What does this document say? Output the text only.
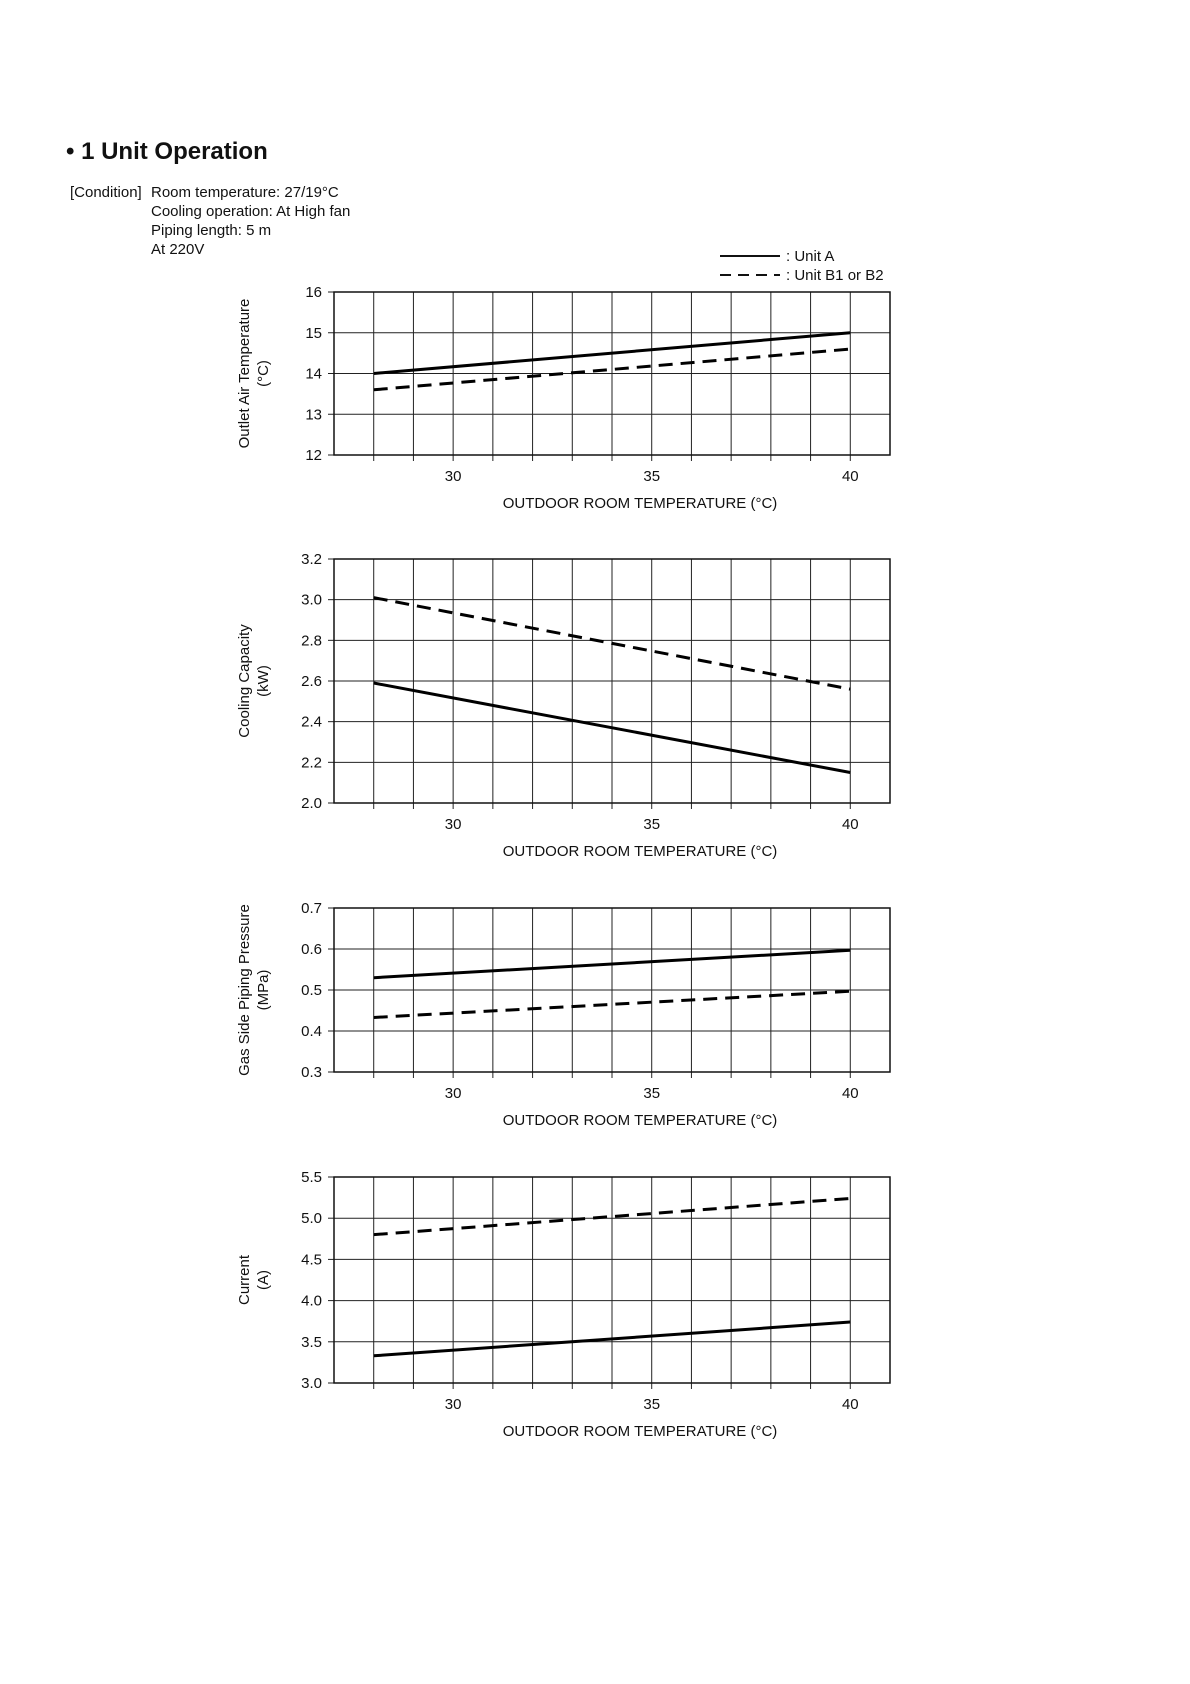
• 1 Unit Operation
[Condition] Room temperature: 27/19°C
Cooling operation: At High fan
Piping length: 5 m
At 220V	: Unit A
: Unit B1 or B2
12
13
14
15
16
30	35	40
OUTDOOR ROOM TEMPERATURE (°C)
Outlet Air Temperature (°C)
2.0
2.2
2.4
2.6
2.8
3.0
3.2
30	35	40
OUTDOOR ROOM TEMPERATURE (°C)
Cooling Capacity (kW)
0.3
0.4
0.5
0.6
0.7
30	35	40
OUTDOOR ROOM TEMPERATURE (°C)
Gas Side Piping Pressure (MPa)
3.0
3.5
4.0
4.5
5.0
5.5
30	35	40
OUTDOOR ROOM TEMPERATURE (°C)
Current (A)
